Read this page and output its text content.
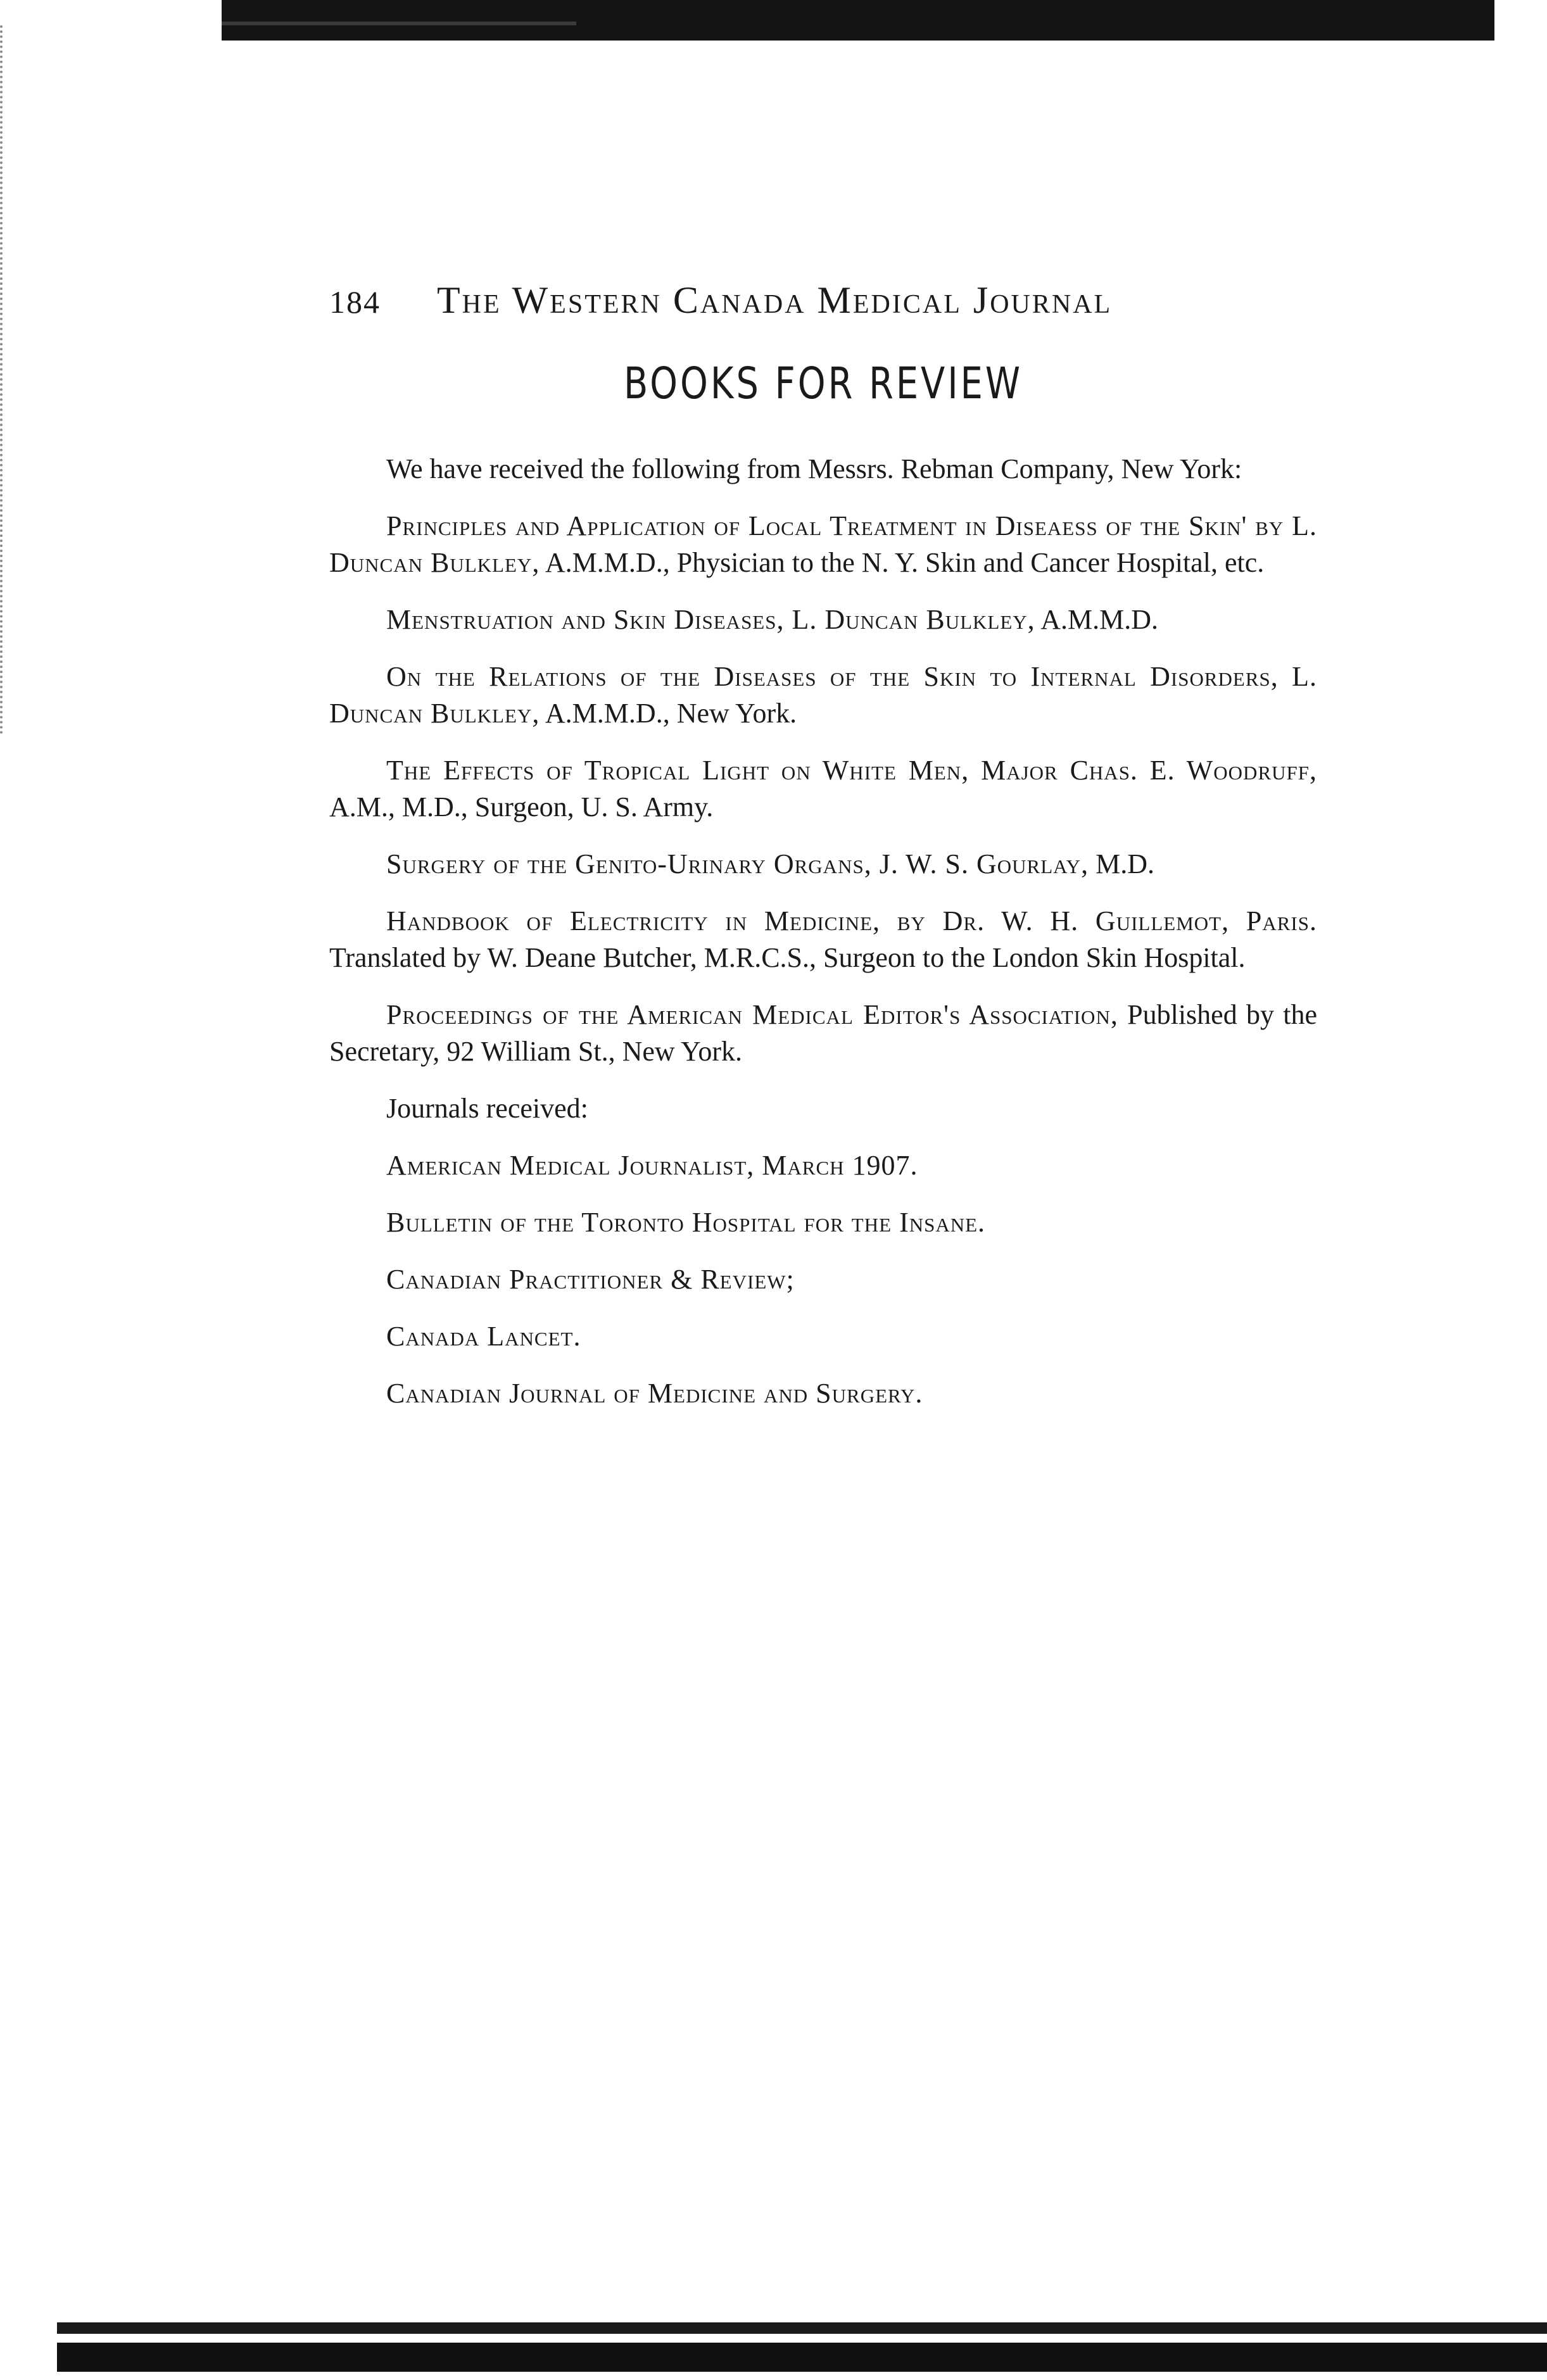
184	The Western Canada Medical Journal
BOOKS FOR REVIEW

We have received the following from Messrs. Rebman Company, New York:

Principles and Application of Local Treatment in Diseaess of the Skin' by L. Duncan Bulkley, A.M.M.D., Physician to the N. Y. Skin and Cancer Hospital, etc.

Menstruation and Skin Diseases, L. Duncan Bulkley, A.M.M.D.

On the Relations of the Diseases of the Skin to Internal Disorders, L. Duncan Bulkley, A.M.M.D., New York.

The Effects of Tropical Light on White Men, Major Chas. E. Woodruff, A.M., M.D., Surgeon, U. S. Army.

Surgery of the Genito-Urinary Organs, J. W. S. Gourlay, M.D.

Handbook of Electricity in Medicine, by Dr. W. H. Guillemot, Paris. Translated by W. Deane Butcher, M.R.C.S., Surgeon to the London Skin Hospital.

Proceedings of the American Medical Editor's Association, Published by the Secretary, 92 William St., New York.

Journals received:

American Medical Journalist, March 1907.

Bulletin of the Toronto Hospital for the Insane.

Canadian Practitioner & Review;

Canada Lancet.

Canadian Journal of Medicine and Surgery.
